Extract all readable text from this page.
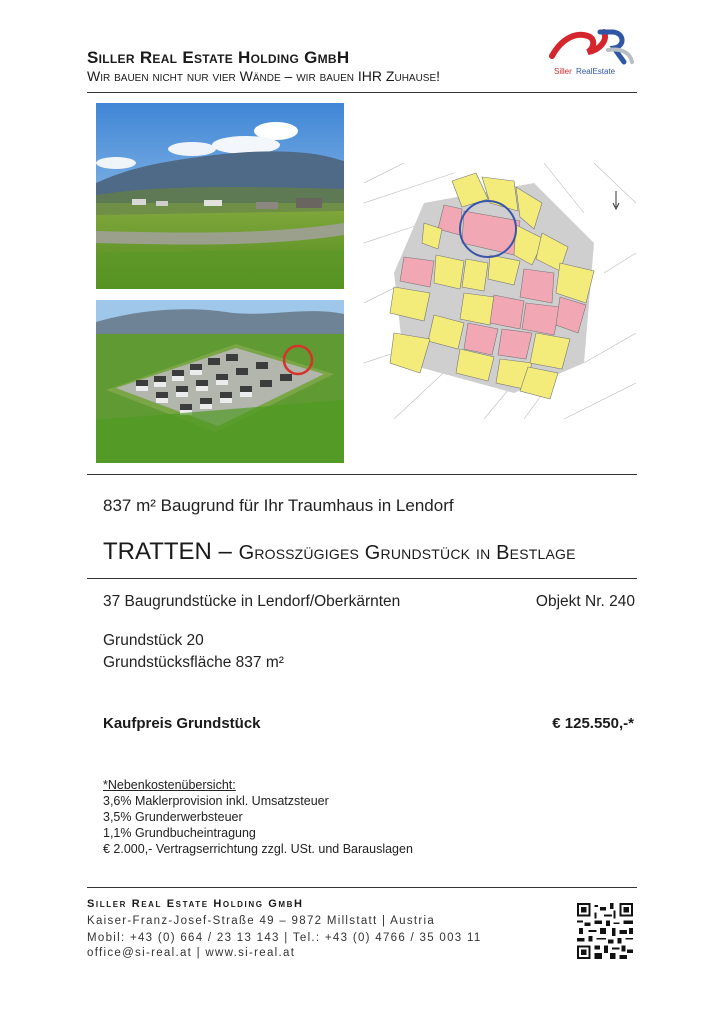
Siller Real Estate Holding GmbH
Wir bauen nicht nur vier Wände – wir bauen IHR Zuhause!	Siller RealEstate
837 m² Baugrund für Ihr Traumhaus in Lendorf
TRATTEN – Großzügiges Grundstück in Bestlage
37 Baugrundstücke in Lendorf/Oberkärnten	Objekt Nr. 240
Grundstück 20
Grundstücksfläche 837 m²
Kaufpreis Grundstück	€ 125.550,-*
*Nebenkostenübersicht:
3,6% Maklerprovision inkl. Umsatzsteuer
3,5% Grunderwerbsteuer
1,1% Grundbucheintragung
€ 2.000,- Vertragserrichtung zzgl. USt. und Barauslagen
Siller Real Estate Holding GmbH
Kaiser-Franz-Josef-Straße 49 – 9872 Millstatt | Austria
Mobil: +43 (0) 664 / 23 13 143 | Tel.: +43 (0) 4766 / 35 003 11
office@si-real.at | www.si-real.at
